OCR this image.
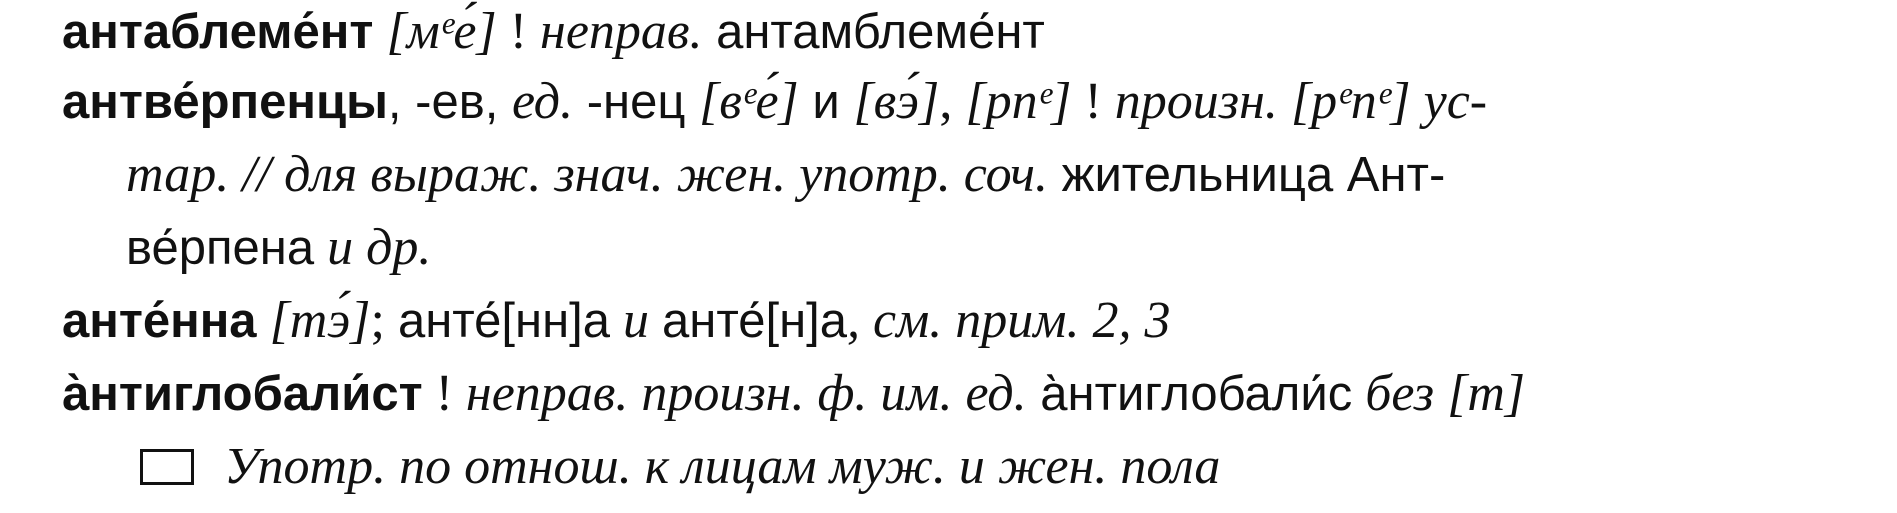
антаблеме́нт [мᵉе́] ! неправ. антамблеме́нт
антве́рпенцы, -ев, ед. -нец [вᵉе́] и [вэ́], [рпᵉ] ! произн. [рᵉпᵉ] ус-
тар. // для выраж. знач. жен. употр. соч. жительница Ант-
ве́рпена и др.
анте́нна [тэ́]; анте́[нн]а и анте́[н]а, см. прим. 2, 3
а̀нтиглобали́ст ! неправ. произн. ф. им. ед. а̀нтиглобали́с без [т]
Употр. по отнош. к лицам муж. и жен. пола
